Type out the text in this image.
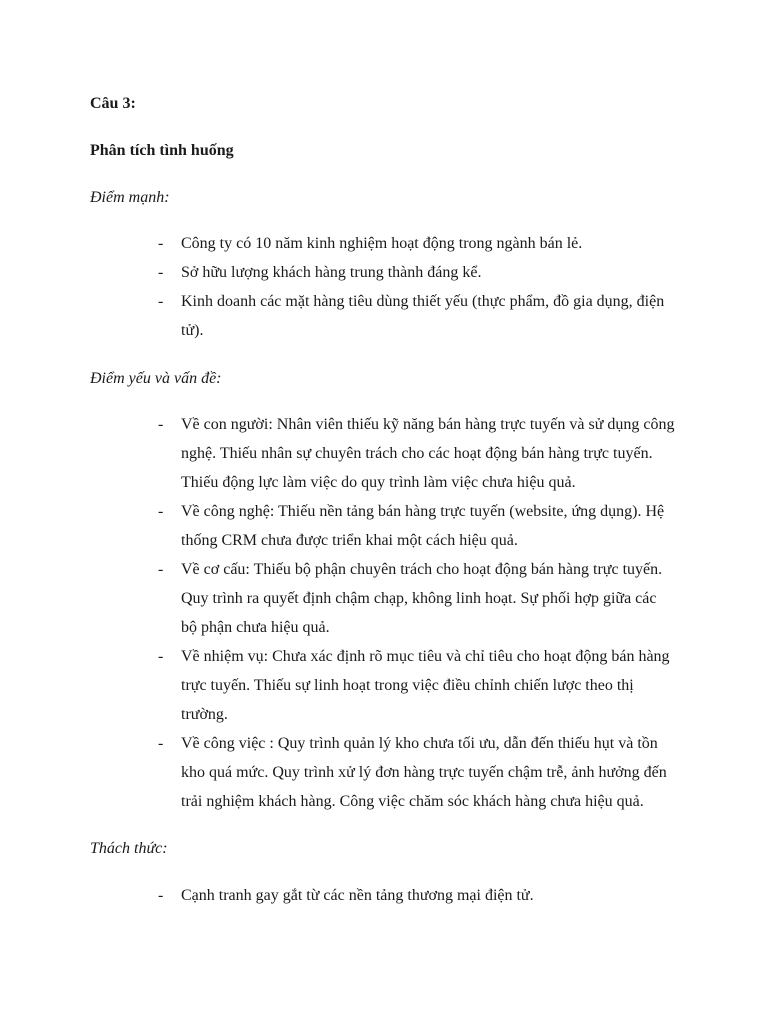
Câu 3:

Phân tích tình huống

Điểm mạnh:

- Công ty có 10 năm kinh nghiệm hoạt động trong ngành bán lẻ.
- Sở hữu lượng khách hàng trung thành đáng kể.
- Kinh doanh các mặt hàng tiêu dùng thiết yếu (thực phẩm, đồ gia dụng, điện tử).

Điểm yếu và vấn đề:

- Về con người: Nhân viên thiếu kỹ năng bán hàng trực tuyến và sử dụng công nghệ. Thiếu nhân sự chuyên trách cho các hoạt động bán hàng trực tuyến. Thiếu động lực làm việc do quy trình làm việc chưa hiệu quả.
- Về công nghệ: Thiếu nền tảng bán hàng trực tuyến (website, ứng dụng). Hệ thống CRM chưa được triển khai một cách hiệu quả.
- Về cơ cấu: Thiếu bộ phận chuyên trách cho hoạt động bán hàng trực tuyến. Quy trình ra quyết định chậm chạp, không linh hoạt. Sự phối hợp giữa các bộ phận chưa hiệu quả.
- Về nhiệm vụ: Chưa xác định rõ mục tiêu và chỉ tiêu cho hoạt động bán hàng trực tuyến. Thiếu sự linh hoạt trong việc điều chỉnh chiến lược theo thị trường.
- Về công việc : Quy trình quản lý kho chưa tối ưu, dẫn đến thiếu hụt và tồn kho quá mức. Quy trình xử lý đơn hàng trực tuyến chậm trễ, ảnh hưởng đến trải nghiệm khách hàng. Công việc chăm sóc khách hàng chưa hiệu quả.

Thách thức:

- Cạnh tranh gay gắt từ các nền tảng thương mại điện tử.
